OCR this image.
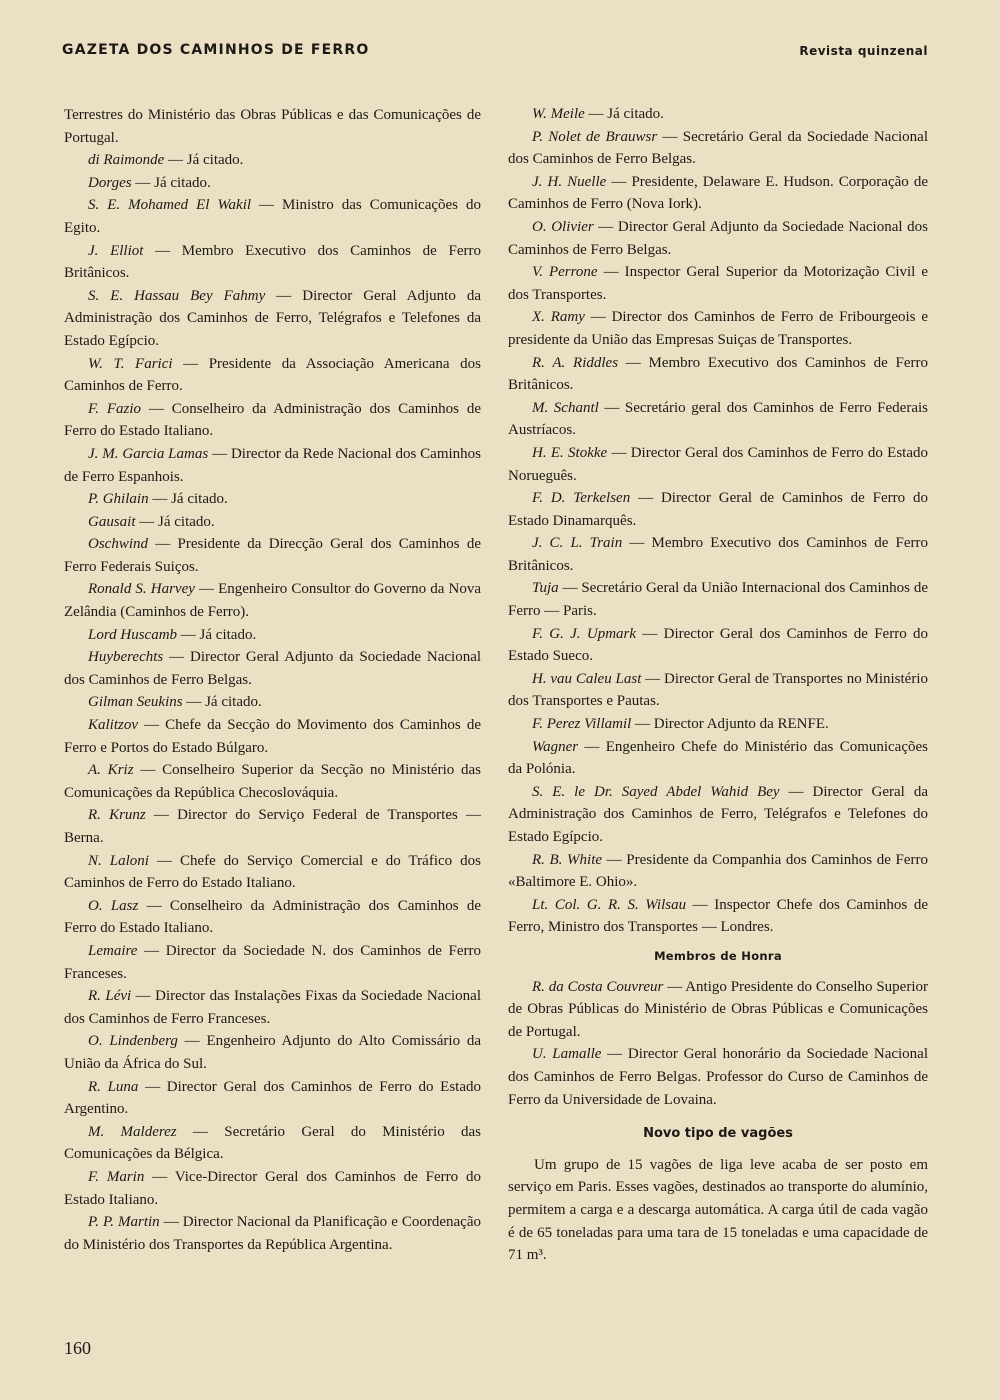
GAZETA DOS CAMINHOS DE FERRO	Revista quinzenal

Terrestres do Ministério das Obras Públicas e das Comunicações de Portugal.

di Raimonde — Já citado.

Dorges — Já citado.

S. E. Mohamed El Wakil — Ministro das Comunicações do Egito.

J. Elliot — Membro Executivo dos Caminhos de Ferro Britânicos.

S. E. Hassau Bey Fahmy — Director Geral Adjunto da Administração dos Caminhos de Ferro, Telégrafos e Telefones da Estado Egípcio.

W. T. Farici — Presidente da Associação Americana dos Caminhos de Ferro.

F. Fazio — Conselheiro da Administração dos Caminhos de Ferro do Estado Italiano.

J. M. Garcia Lamas — Director da Rede Nacional dos Caminhos de Ferro Espanhois.

P. Ghilain — Já citado.

Gausait — Já citado.

Oschwind — Presidente da Direcção Geral dos Caminhos de Ferro Federais Suiços.

Ronald S. Harvey — Engenheiro Consultor do Governo da Nova Zelândia (Caminhos de Ferro).

Lord Huscamb — Já citado.

Huyberechts — Director Geral Adjunto da Sociedade Nacional dos Caminhos de Ferro Belgas.

Gilman Seukins — Já citado.

Kalitzov — Chefe da Secção do Movimento dos Caminhos de Ferro e Portos do Estado Búlgaro.

A. Kriz — Conselheiro Superior da Secção no Ministério das Comunicações da República Checoslováquia.

R. Krunz — Director do Serviço Federal de Transportes — Berna.

N. Laloni — Chefe do Serviço Comercial e do Tráfico dos Caminhos de Ferro do Estado Italiano.

O. Lasz — Conselheiro da Administração dos Caminhos de Ferro do Estado Italiano.

Lemaire — Director da Sociedade N. dos Caminhos de Ferro Franceses.

R. Lévi — Director das Instalações Fixas da Sociedade Nacional dos Caminhos de Ferro Franceses.

O. Lindenberg — Engenheiro Adjunto do Alto Comissário da União da África do Sul.

R. Luna — Director Geral dos Caminhos de Ferro do Estado Argentino.

M. Malderez — Secretário Geral do Ministério das Comunicações da Bélgica.

F. Marin — Vice-Director Geral dos Caminhos de Ferro do Estado Italiano.

P. P. Martin — Director Nacional da Planificação e Coordenação do Ministério dos Transportes da República Argentina.

W. Meile — Já citado.

P. Nolet de Brauwsr — Secretário Geral da Sociedade Nacional dos Caminhos de Ferro Belgas.

J. H. Nuelle — Presidente, Delaware E. Hudson. Corporação de Caminhos de Ferro (Nova Iork).

O. Olivier — Director Geral Adjunto da Sociedade Nacional dos Caminhos de Ferro Belgas.

V. Perrone — Inspector Geral Superior da Motorização Civil e dos Transportes.

X. Ramy — Director dos Caminhos de Ferro de Fribourgeois e presidente da União das Empresas Suiças de Transportes.

R. A. Riddles — Membro Executivo dos Caminhos de Ferro Britânicos.

M. Schantl — Secretário geral dos Caminhos de Ferro Federais Austríacos.

H. E. Stokke — Director Geral dos Caminhos de Ferro do Estado Norueguês.

F. D. Terkelsen — Director Geral de Caminhos de Ferro do Estado Dinamarquês.

J. C. L. Train — Membro Executivo dos Caminhos de Ferro Britânicos.

Tuja — Secretário Geral da União Internacional dos Caminhos de Ferro — Paris.

F. G. J. Upmark — Director Geral dos Caminhos de Ferro do Estado Sueco.

H. vau Caleu Last — Director Geral de Transportes no Ministério dos Transportes e Pautas.

F. Perez Villamil — Director Adjunto da RENFE.

Wagner — Engenheiro Chefe do Ministério das Comunicações da Polónia.

S. E. le Dr. Sayed Abdel Wahid Bey — Director Geral da Administração dos Caminhos de Ferro, Telégrafos e Telefones do Estado Egípcio.

R. B. White — Presidente da Companhia dos Caminhos de Ferro «Baltimore E. Ohio».

Lt. Col. G. R. S. Wilsau — Inspector Chefe dos Caminhos de Ferro, Ministro dos Transportes — Londres.

Membros de Honra

R. da Costa Couvreur — Antigo Presidente do Conselho Superior de Obras Públicas do Ministério de Obras Públicas e Comunicações de Portugal.

U. Lamalle — Director Geral honorário da Sociedade Nacional dos Caminhos de Ferro Belgas. Professor do Curso de Caminhos de Ferro da Universidade de Lovaina.

Novo tipo de vagões

Um grupo de 15 vagões de liga leve acaba de ser posto em serviço em Paris. Esses vagões, destinados ao transporte do alumínio, permitem a carga e a descarga automática. A carga útil de cada vagão é de 65 toneladas para uma tara de 15 toneladas e uma capacidade de 71 m³.

160
